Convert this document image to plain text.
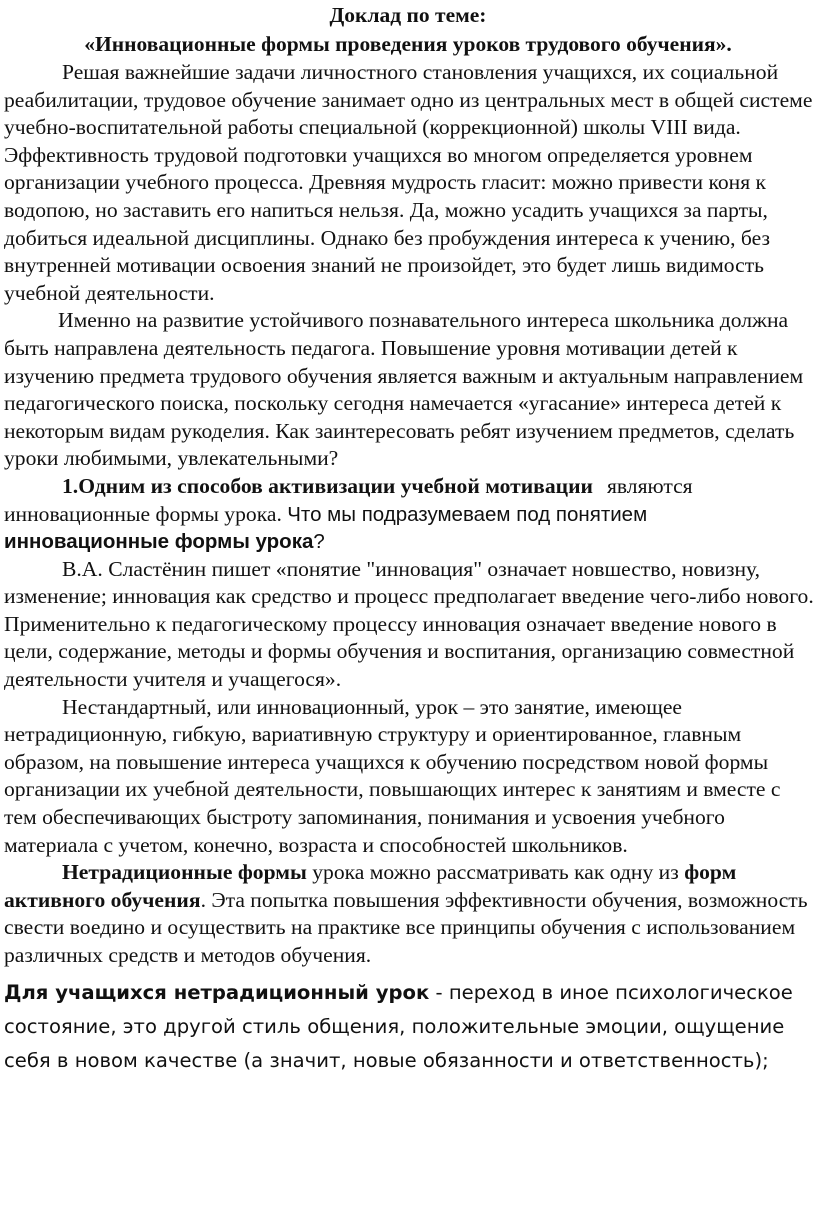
Доклад по теме:
«Инновационные формы проведения уроков трудового обучения».

Решая важнейшие задачи личностного становления учащихся, их социальной реабилитации, трудовое обучение занимает одно из центральных мест в общей системе учебно-воспитательной работы специальной (коррекционной) школы VIII вида. Эффективность трудовой подготовки учащихся во многом определяется уровнем организации учебного процесса. Древняя мудрость гласит: можно привести коня к водопою, но заставить его напиться нельзя. Да, можно усадить учащихся за парты, добиться идеальной дисциплины. Однако без пробуждения интереса к учению, без внутренней мотивации освоения знаний не произойдет, это будет лишь видимость учебной деятельности.

Именно на развитие устойчивого познавательного интереса школьника должна быть направлена деятельность педагога. Повышение уровня мотивации детей к изучению предмета трудового обучения является важным и актуальным направлением педагогического поиска, поскольку сегодня намечается «угасание» интереса детей к некоторым видам рукоделия. Как заинтересовать ребят изучением предметов, сделать уроки любимыми, увлекательными?

1.Одним из способов активизации учебной мотивации являются инновационные формы урока. Что мы подразумеваем под понятием инновационные формы урока?

В.А. Сластёнин пишет «понятие "инновация" означает новшество, новизну, изменение; инновация как средство и процесс предполагает введение чего-либо нового. Применительно к педагогическому процессу инновация означает введение нового в цели, содержание, методы и формы обучения и воспитания, организацию совместной деятельности учителя и учащегося».

Нестандартный, или инновационный, урок – это занятие, имеющее нетрадиционную, гибкую, вариативную структуру и ориентированное, главным образом, на повышение интереса учащихся к обучению посредством новой формы организации их учебной деятельности, повышающих интерес к занятиям и вместе с тем обеспечивающих быстроту запоминания, понимания и усвоения учебного материала с учетом, конечно, возраста и способностей школьников.

Нетрадиционные формы урока можно рассматривать как одну из форм активного обучения. Эта попытка повышения эффективности обучения, возможность свести воедино и осуществить на практике все принципы обучения с использованием различных средств и методов обучения.

Для учащихся нетрадиционный урок - переход в иное психологическое состояние, это другой стиль общения, положительные эмоции, ощущение себя в новом качестве (а значит, новые обязанности и ответственность);
